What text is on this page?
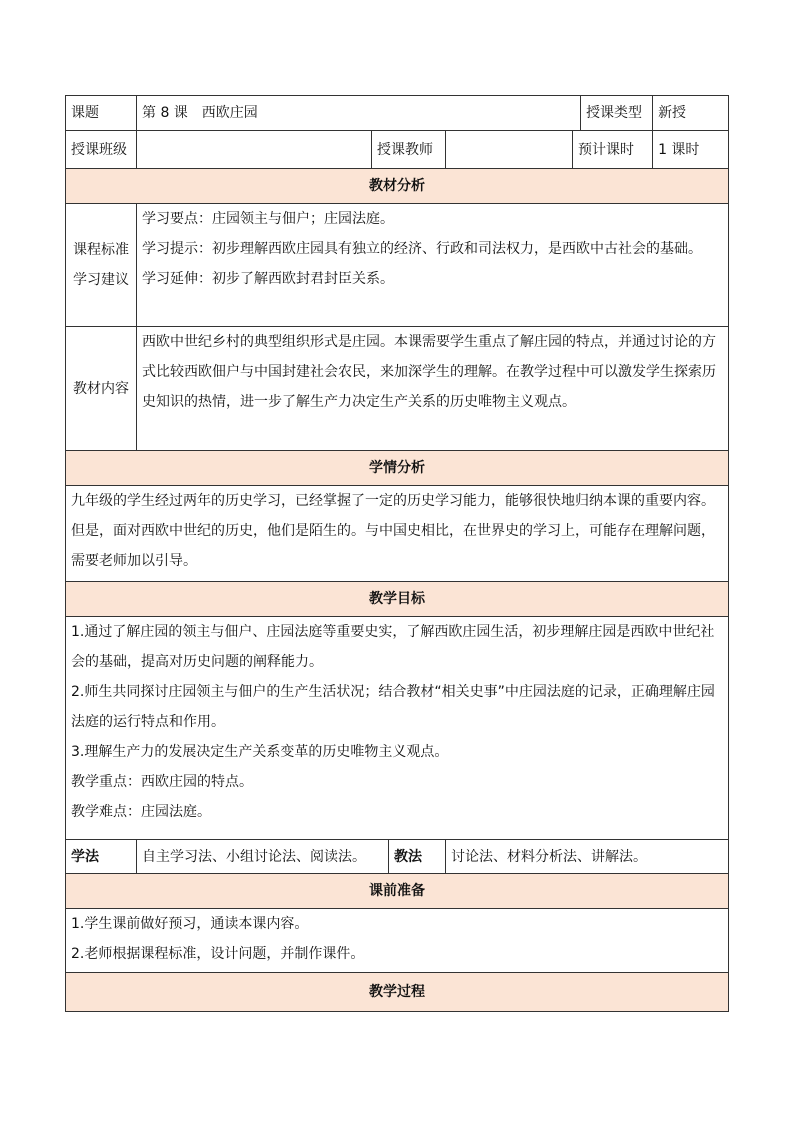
课题	第 8 课　西欧庄园					授课类型	新授
授课班级		授课教师			预计课时		1 课时
教材分析							
课程标准学习建议	学习要点：庄园领主与佃户；庄园法庭。

学习提示：初步理解西欧庄园具有独立的经济、行政和司法权力，是西欧中古社会的基础。

学习延伸：初步了解西欧封君封臣关系。						

教材内容	西欧中世纪乡村的典型组织形式是庄园。本课需要学生重点了解庄园的特点，并通过讨论的方式比较西欧佃户与中国封建社会农民，来加深学生的理解。在教学过程中可以激发学生探索历史知识的热情，进一步了解生产力决定生产关系的历史唯物主义观点。						
学情分析							
九年级的学生经过两年的历史学习，已经掌握了一定的历史学习能力，能够很快地归纳本课的重要内容。但是，面对西欧中世纪的历史，他们是陌生的。与中国史相比，在世界史的学习上，可能存在理解问题，需要老师加以引导。							
教学目标							

1.通过了解庄园的领主与佃户、庄园法庭等重要史实，了解西欧庄园生活，初步理解庄园是西欧中世纪社会的基础，提高对历史问题的阐释能力。

2.师生共同探讨庄园领主与佃户的生产生活状况；结合教材“相关史事”中庄园法庭的记录，正确理解庄园法庭的运行特点和作用。

3.理解生产力的发展决定生产关系变革的历史唯物主义观点。

教学重点：西欧庄园的特点。

教学难点：庄园法庭。							

学法	自主学习法、小组讨论法、阅读法。		教法	讨论法、材料分析法、讲解法。			
课前准备							

1.学生课前做好预习，通读本课内容。

2.老师根据课程标准，设计问题，并制作课件。							

教学过程							
